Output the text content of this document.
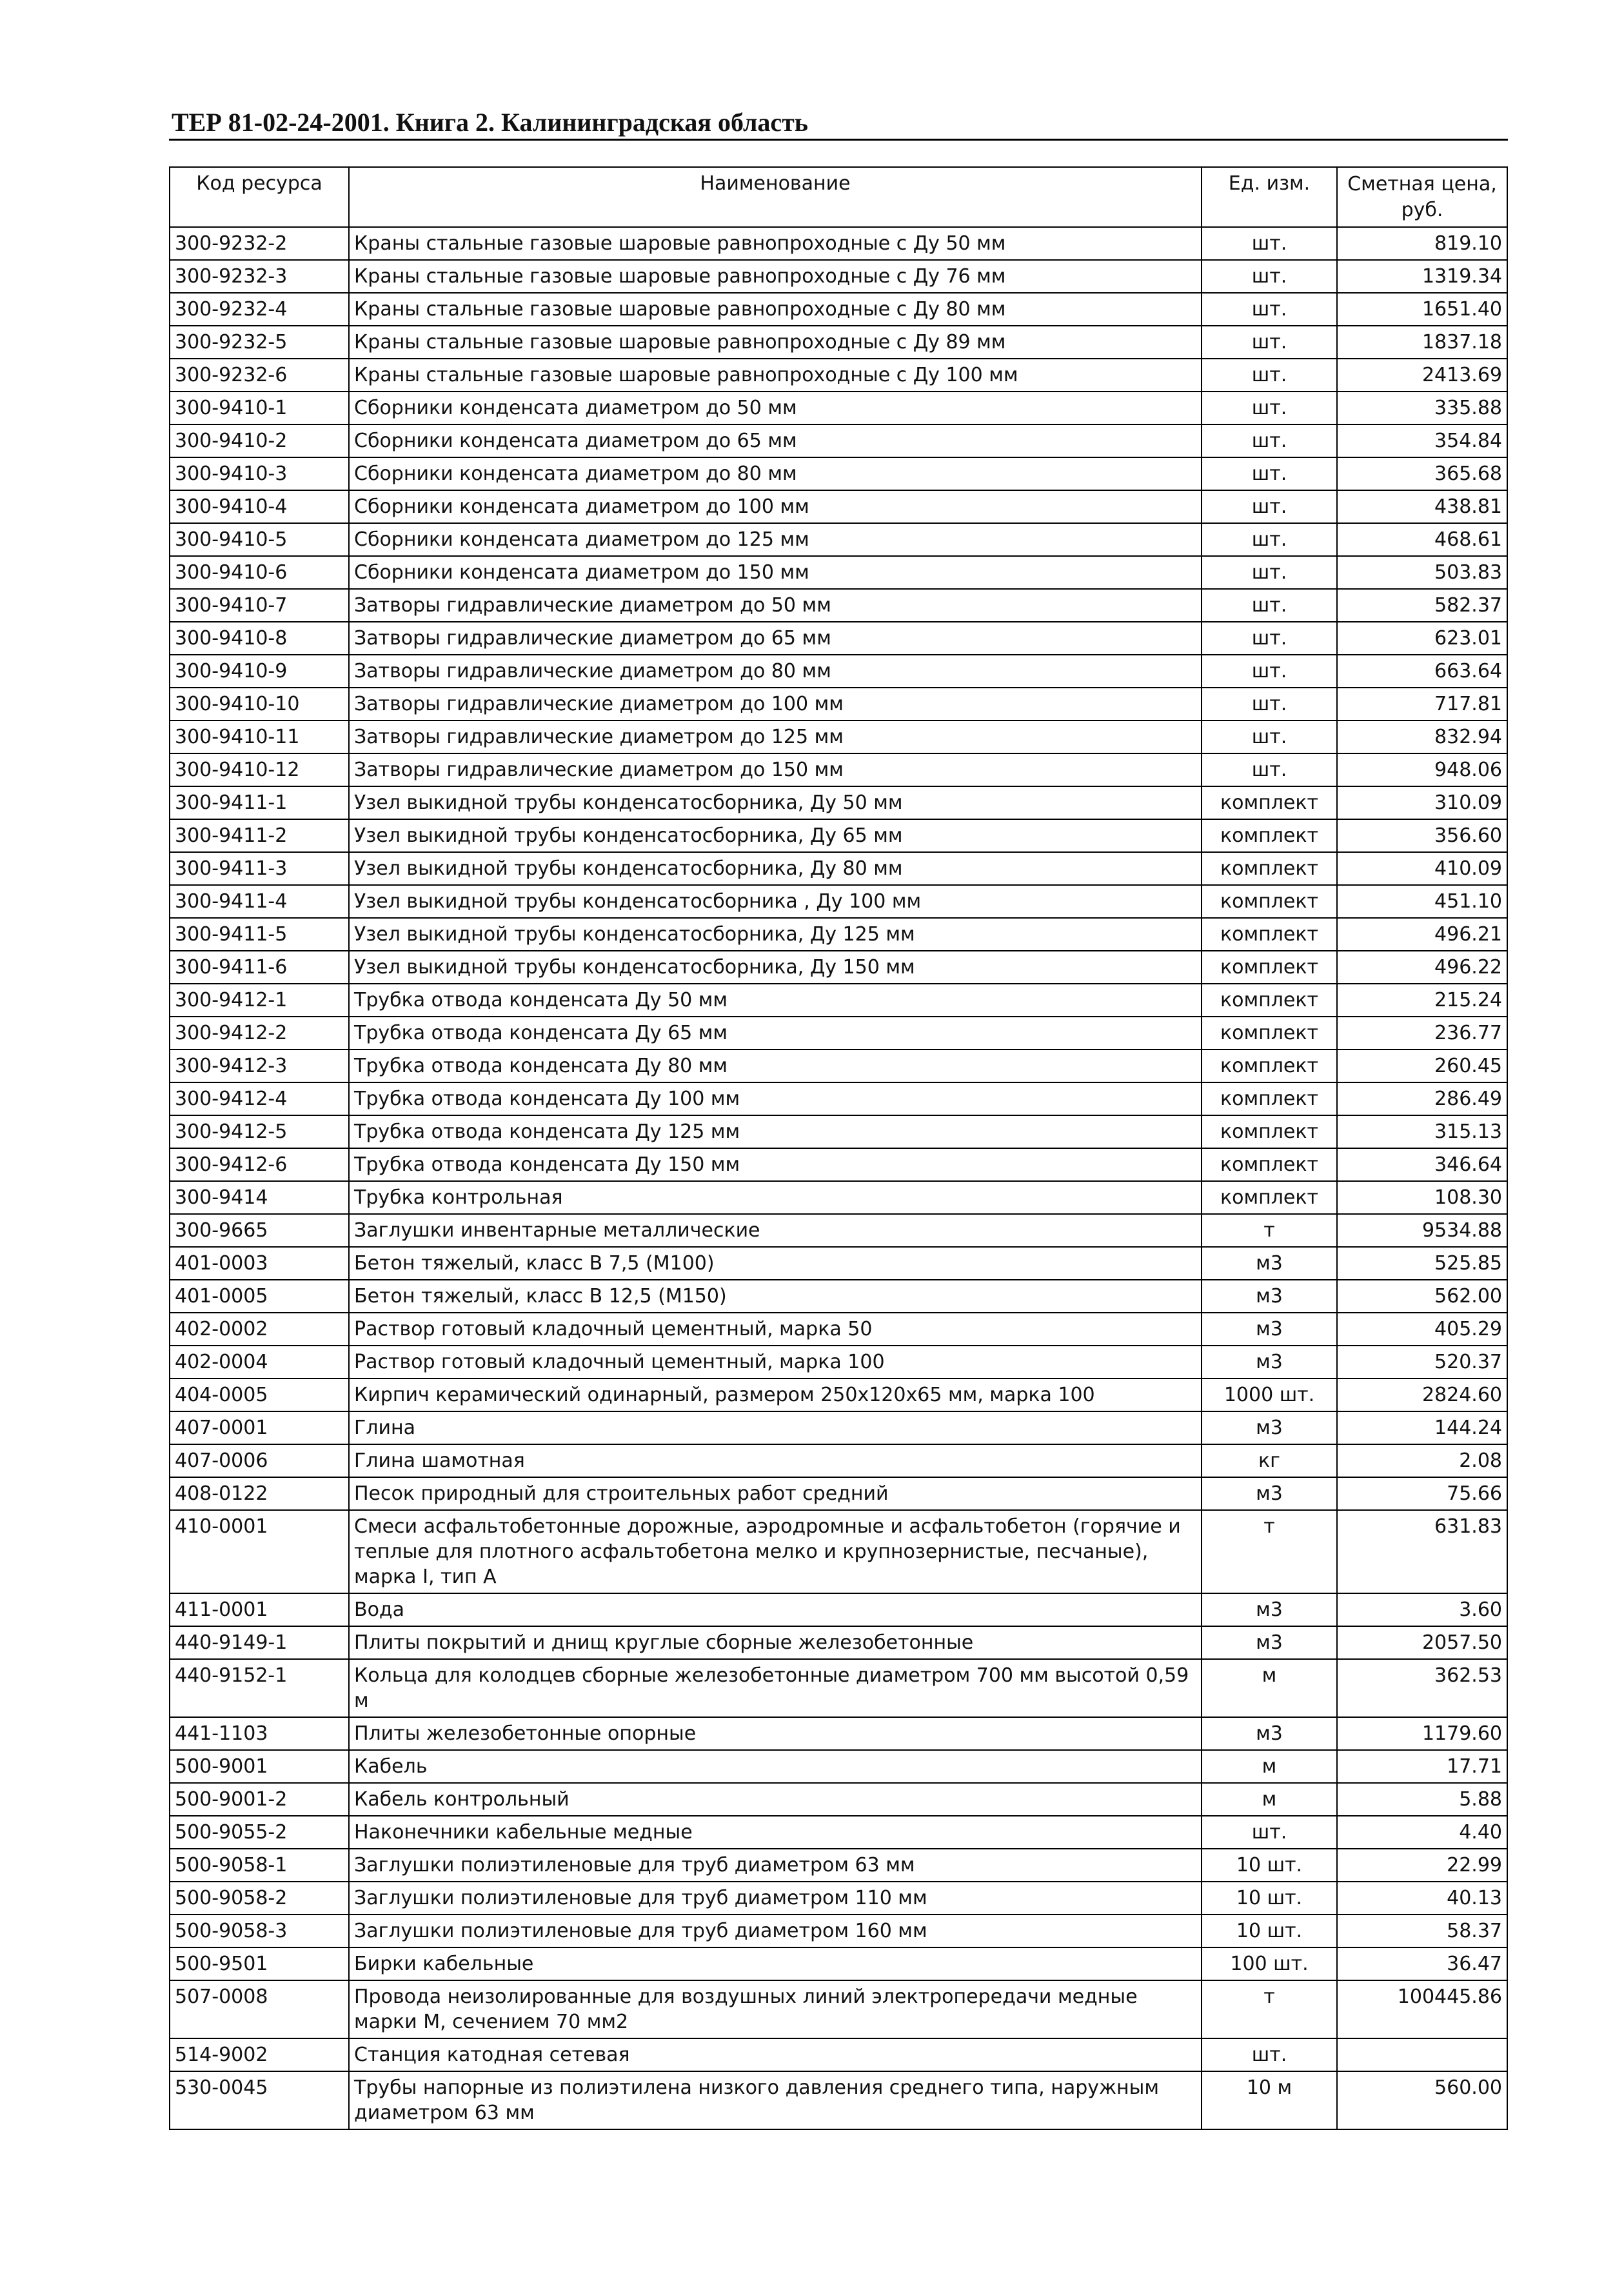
ТЕР 81-02-24-2001. Книга 2. Калининградская область
Код ресурса	Наименование	Ед. изм.	Сметная цена, руб.
300-9232-2	Краны стальные газовые шаровые равнопроходные с Ду 50 мм	шт.	819.10
300-9232-3	Краны стальные газовые шаровые равнопроходные с Ду 76 мм	шт.	1319.34
300-9232-4	Краны стальные газовые шаровые равнопроходные с Ду 80 мм	шт.	1651.40
300-9232-5	Краны стальные газовые шаровые равнопроходные с Ду 89 мм	шт.	1837.18
300-9232-6	Краны стальные газовые шаровые равнопроходные с Ду 100 мм	шт.	2413.69
300-9410-1	Сборники конденсата диаметром до 50 мм	шт.	335.88
300-9410-2	Сборники конденсата диаметром до 65 мм	шт.	354.84
300-9410-3	Сборники конденсата диаметром до 80 мм	шт.	365.68
300-9410-4	Сборники конденсата диаметром до 100 мм	шт.	438.81
300-9410-5	Сборники конденсата диаметром до 125 мм	шт.	468.61
300-9410-6	Сборники конденсата диаметром до 150 мм	шт.	503.83
300-9410-7	Затворы гидравлические диаметром до 50 мм	шт.	582.37
300-9410-8	Затворы гидравлические диаметром до 65 мм	шт.	623.01
300-9410-9	Затворы гидравлические диаметром до 80 мм	шт.	663.64
300-9410-10	Затворы гидравлические диаметром до 100 мм	шт.	717.81
300-9410-11	Затворы гидравлические диаметром до 125 мм	шт.	832.94
300-9410-12	Затворы гидравлические диаметром до 150 мм	шт.	948.06
300-9411-1	Узел выкидной трубы конденсатосборника, Ду 50 мм	комплект	310.09
300-9411-2	Узел выкидной трубы конденсатосборника, Ду 65 мм	комплект	356.60
300-9411-3	Узел выкидной трубы конденсатосборника, Ду 80 мм	комплект	410.09
300-9411-4	Узел выкидной трубы конденсатосборника , Ду 100 мм	комплект	451.10
300-9411-5	Узел выкидной трубы конденсатосборника, Ду 125 мм	комплект	496.21
300-9411-6	Узел выкидной трубы конденсатосборника, Ду 150 мм	комплект	496.22
300-9412-1	Трубка отвода конденсата Ду 50 мм	комплект	215.24
300-9412-2	Трубка отвода конденсата Ду 65 мм	комплект	236.77
300-9412-3	Трубка отвода конденсата Ду 80 мм	комплект	260.45
300-9412-4	Трубка отвода конденсата Ду 100 мм	комплект	286.49
300-9412-5	Трубка отвода конденсата Ду 125 мм	комплект	315.13
300-9412-6	Трубка отвода конденсата Ду 150 мм	комплект	346.64
300-9414	Трубка контрольная	комплект	108.30
300-9665	Заглушки инвентарные металлические	т	9534.88
401-0003	Бетон тяжелый, класс В 7,5 (М100)	м3	525.85
401-0005	Бетон тяжелый, класс В 12,5 (М150)	м3	562.00
402-0002	Раствор готовый кладочный цементный, марка 50	м3	405.29
402-0004	Раствор готовый кладочный цементный, марка 100	м3	520.37
404-0005	Кирпич керамический одинарный, размером 250х120х65 мм, марка 100	1000 шт.	2824.60
407-0001	Глина	м3	144.24
407-0006	Глина шамотная	кг	2.08
408-0122	Песок природный для строительных работ средний	м3	75.66
410-0001	Смеси асфальтобетонные дорожные, аэродромные и асфальтобетон (горячие и теплые для плотного асфальтобетона мелко и крупнозернистые, песчаные), марка I, тип А	т	631.83
411-0001	Вода	м3	3.60
440-9149-1	Плиты покрытий и днищ круглые сборные железобетонные	м3	2057.50
440-9152-1	Кольца для колодцев сборные железобетонные диаметром 700 мм высотой 0,59 м	м	362.53
441-1103	Плиты железобетонные опорные	м3	1179.60
500-9001	Кабель	м	17.71
500-9001-2	Кабель контрольный	м	5.88
500-9055-2	Наконечники кабельные медные	шт.	4.40
500-9058-1	Заглушки полиэтиленовые для труб диаметром 63 мм	10 шт.	22.99
500-9058-2	Заглушки полиэтиленовые для труб диаметром 110 мм	10 шт.	40.13
500-9058-3	Заглушки полиэтиленовые для труб диаметром 160 мм	10 шт.	58.37
500-9501	Бирки кабельные	100 шт.	36.47
507-0008	Провода неизолированные для воздушных линий электропередачи медные марки М, сечением 70 мм2	т	100445.86
514-9002	Станция катодная сетевая	шт.	
530-0045	Трубы напорные из полиэтилена низкого давления среднего типа, наружным диаметром 63 мм	10 м	560.00
